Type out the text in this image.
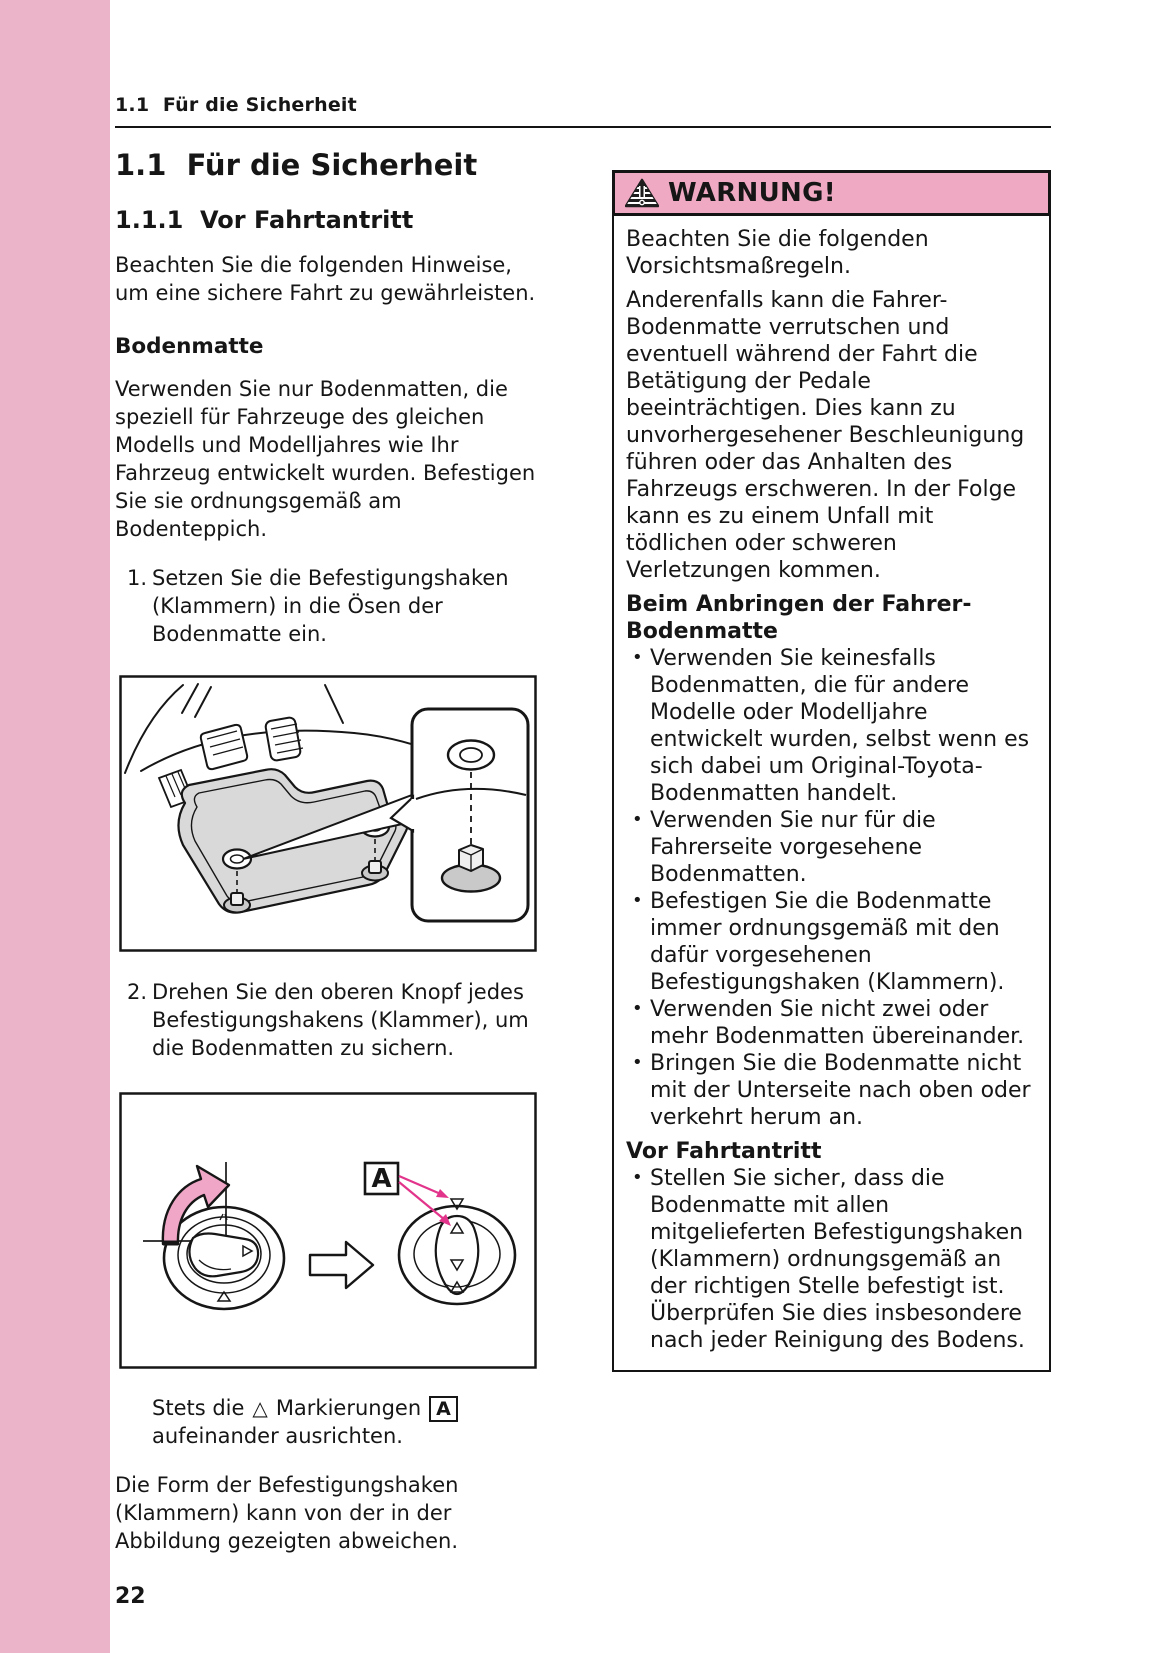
1.1  Für die Sicherheit
1.1  Für die Sicherheit
1.1.1  Vor Fahrtantritt

Beachten Sie die folgenden Hinweise, um eine sichere Fahrt zu gewährleisten.

Bodenmatte

Verwenden Sie nur Bodenmatten, die speziell für Fahrzeuge des gleichen Modells und Modelljahres wie Ihr Fahrzeug entwickelt wurden. Befestigen Sie sie ordnungsgemäß am Bodenteppich.

1. Setzen Sie die Befestigungshaken (Klammern) in die Ösen der Bodenmatte ein.
2. Drehen Sie den oberen Knopf jedes Befestigungshakens (Klammer), um die Bodenmatten zu sichern.
A

Stets die △ Markierungen Aaufeinander ausrichten.

Die Form der Befestigungshaken (Klammern) kann von der in der Abbildung gezeigten abweichen.

WARNUNG!

Beachten Sie die folgenden Vorsichtsmaßregeln.

Anderenfalls kann die Fahrer-Bodenmatte verrutschen und eventuell während der Fahrt die Betätigung der Pedale beeinträchtigen. Dies kann zu unvorhergesehener Beschleunigung führen oder das Anhalten des Fahrzeugs erschweren. In der Folge kann es zu einem Unfall mit tödlichen oder schweren Verletzungen kommen.

Beim Anbringen der Fahrer-Bodenmatte
• Verwenden Sie keinesfalls Bodenmatten, die für andere Modelle oder Modelljahre entwickelt wurden, selbst wenn es sich dabei um Original-Toyota-Bodenmatten handelt.
• Verwenden Sie nur für die Fahrerseite vorgesehene Bodenmatten.
• Befestigen Sie die Bodenmatte immer ordnungsgemäß mit den dafür vorgesehenen Befestigungshaken (Klammern).
• Verwenden Sie nicht zwei oder mehr Bodenmatten übereinander.
• Bringen Sie die Bodenmatte nicht mit der Unterseite nach oben oder verkehrt herum an.
Vor Fahrtantritt
• Stellen Sie sicher, dass die Bodenmatte mit allen mitgelieferten Befestigungshaken (Klammern) ordnungsgemäß an der richtigen Stelle befestigt ist. Überprüfen Sie dies insbesondere nach jeder Reinigung des Bodens.
22
